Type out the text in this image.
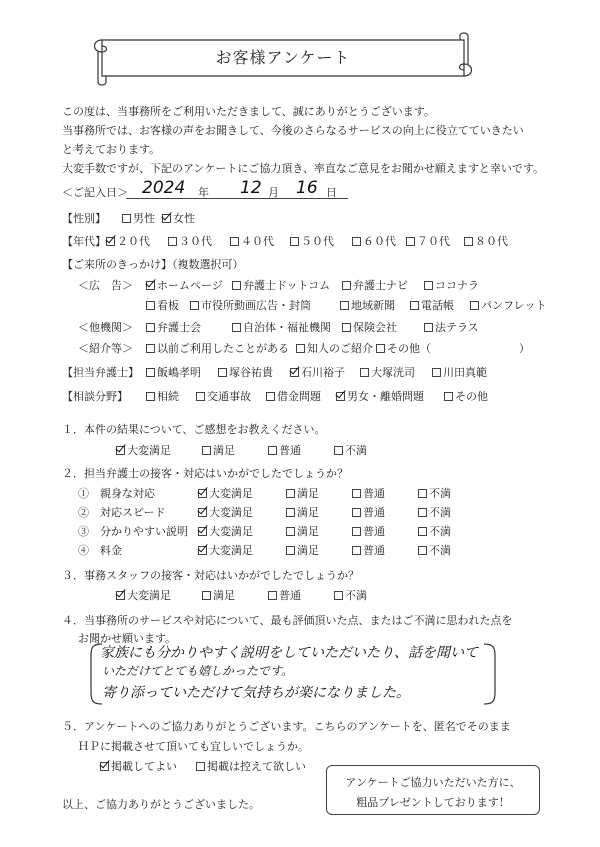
お客様アンケート
この度は、当事務所をご利用いただきまして、誠にありがとうございます。
当事務所では、お客様の声をお聞きして、今後のさらなるサービスの向上に役立てていきたい
と考えております。
大変手数ですが、下記のアンケートにご協力頂き、率直なご意見をお聞かせ願えますと幸いです。
＜ご記入日＞ 2024 年 12 月 16 日
【性別】	男性	女性
【年代】	２０代	３０代	４０代	５０代	６０代	７０代	８０代
【ご来所のきっかけ】（複数選択可）
＜広　告＞	ホームページ	弁護士ドットコム	弁護士ナビ	ココナラ
看板	市役所動画広告・封筒	地域新聞	電話帳	パンフレット
＜他機関＞	弁護士会	自治体・福祉機関	保険会社	法テラス
＜紹介等＞	以前ご利用したことがある	知人のご紹介	その他（　　　　　　　　）
【担当弁護士】	飯嶋孝明	塚谷祐貴	石川裕子	大塚洸司	川田真範
【相談分野】	相続	交通事故	借金問題	男女・離婚問題	その他
１．本件の結果について、ご感想をお教えください。
大変満足	満足	普通	不満
２．担当弁護士の接客・対応はいかがでしたでしょうか？
①　親身な対応	大変満足	満足	普通	不満
②　対応スピード	大変満足	満足	普通	不満
③　分かりやすい説明	大変満足	満足	普通	不満
④　料金	大変満足	満足	普通	不満
３．事務スタッフの接客・対応はいかがでしたでしょうか？
大変満足	満足	普通	不満
４．当事務所のサービスや対応について、最も評価頂いた点、またはご不満に思われた点を
お聞かせ願います。
家族にも分かりやすく説明をしていただいたり、話を聞いて
いただけてとても嬉しかったです。
寄り添っていただけて気持ちが楽になりました。
５．アンケートへのご協力ありがとうございます。こちらのアンケートを、匿名でそのまま
ＨＰに掲載させて頂いても宜しいでしょうか。
掲載してよい	掲載は控えて欲しい
以上、ご協力ありがとうございました。
アンケートご協力いただいた方に、
粗品プレゼントしております！
